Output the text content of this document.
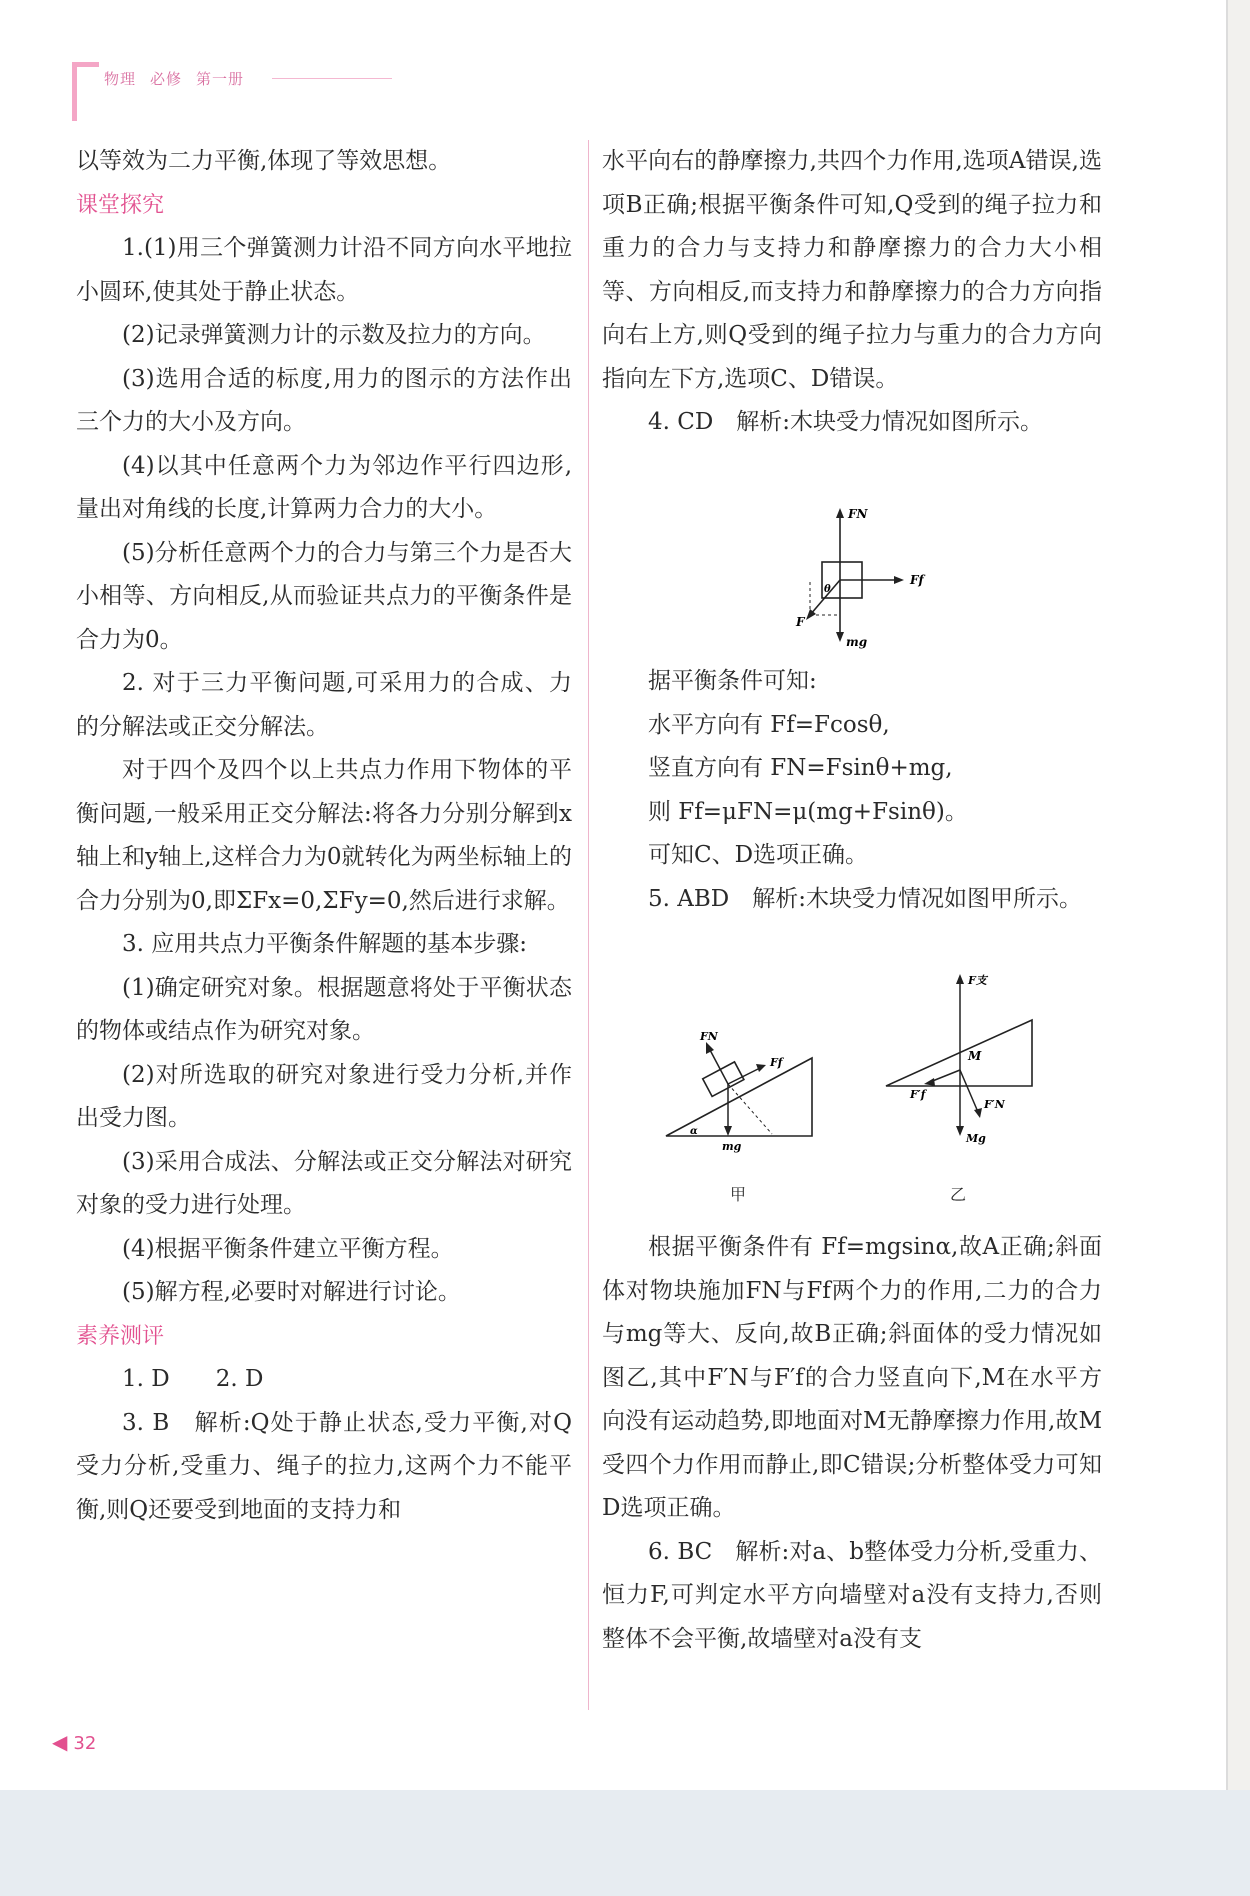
物理 必修 第一册

以等效为二力平衡,体现了等效思想。

课堂探究

1.(1)用三个弹簧测力计沿不同方向水平地拉小圆环,使其处于静止状态。

(2)记录弹簧测力计的示数及拉力的方向。

(3)选用合适的标度,用力的图示的方法作出三个力的大小及方向。

(4)以其中任意两个力为邻边作平行四边形,量出对角线的长度,计算两力合力的大小。

(5)分析任意两个力的合力与第三个力是否大小相等、方向相反,从而验证共点力的平衡条件是合力为0。

2. 对于三力平衡问题,可采用力的合成、力的分解法或正交分解法。

对于四个及四个以上共点力作用下物体的平衡问题,一般采用正交分解法:将各力分别分解到x轴上和y轴上,这样合力为0就转化为两坐标轴上的合力分别为0,即ΣFx=0,ΣFy=0,然后进行求解。

3. 应用共点力平衡条件解题的基本步骤:

(1)确定研究对象。根据题意将处于平衡状态的物体或结点作为研究对象。

(2)对所选取的研究对象进行受力分析,并作出受力图。

(3)采用合成法、分解法或正交分解法对研究对象的受力进行处理。

(4)根据平衡条件建立平衡方程。

(5)解方程,必要时对解进行讨论。

素养测评

1. D　　2. D

3. B　解析:Q处于静止状态,受力平衡,对Q受力分析,受重力、绳子的拉力,这两个力不能平衡,则Q还要受到地面的支持力和

水平向右的静摩擦力,共四个力作用,选项A错误,选项B正确;根据平衡条件可知,Q受到的绳子拉力和重力的合力与支持力和静摩擦力的合力大小相等、方向相反,而支持力和静摩擦力的合力方向指向右上方,则Q受到的绳子拉力与重力的合力方向指向左下方,选项C、D错误。

4. CD　解析:木块受力情况如图所示。

FN
Ff
F
mg
θ

据平衡条件可知:

水平方向有 Ff=Fcosθ,

竖直方向有 FN=Fsinθ+mg,

则 Ff=μFN=μ(mg+Fsinθ)。

可知C、D选项正确。

5. ABD　解析:木块受力情况如图甲所示。

FN
Ff
mg
α
甲
F支
M
F′f
F′N
Mg
乙

根据平衡条件有 Ff=mgsinα,故A正确;斜面体对物块施加FN与Ff两个力的作用,二力的合力与mg等大、反向,故B正确;斜面体的受力情况如图乙,其中F′N与F′f的合力竖直向下,M在水平方向没有运动趋势,即地面对M无静摩擦力作用,故M受四个力作用而静止,即C错误;分析整体受力可知D选项正确。

6. BC　解析:对a、b整体受力分析,受重力、恒力F,可判定水平方向墙壁对a没有支持力,否则整体不会平衡,故墙壁对a没有支

◀ 32
